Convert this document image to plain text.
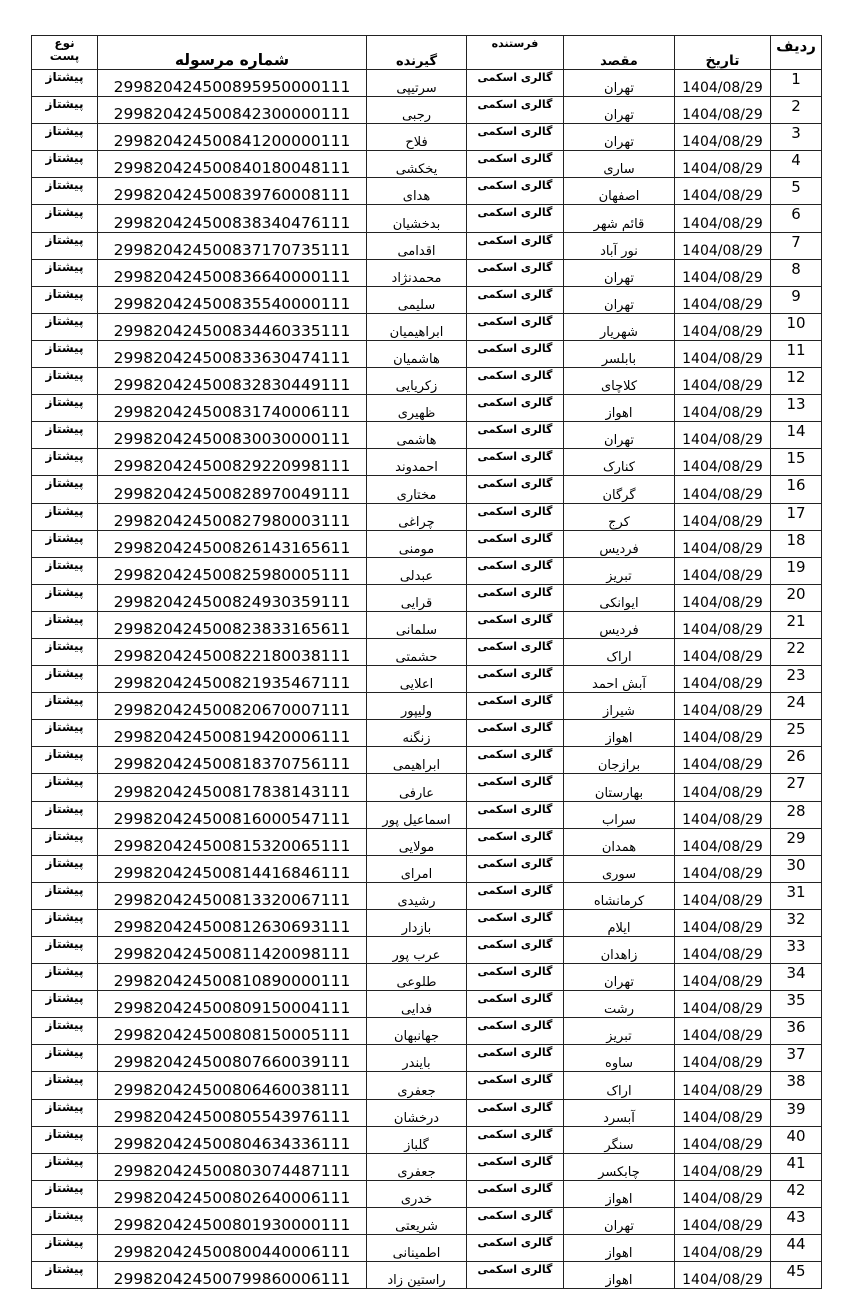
ردیف	تاریخ	مقصد	فرستنده	گیرنده	شماره مرسوله	نوع
پست

1	1404/08/29	تهران	گالری اسکمی	سرتیپی	299820424500895950000111	پیشتاز
2	1404/08/29	تهران	گالری اسکمی	رجبی	299820424500842300000111	پیشتاز
3	1404/08/29	تهران	گالری اسکمی	فلاح	299820424500841200000111	پیشتاز
4	1404/08/29	ساری	گالری اسکمی	یخکشی	299820424500840180048111	پیشتاز
5	1404/08/29	اصفهان	گالری اسکمی	هدای	299820424500839760008111	پیشتاز
6	1404/08/29	قائم شهر	گالری اسکمی	بدخشیان	299820424500838340476111	پیشتاز
7	1404/08/29	نور آباد	گالری اسکمی	اقدامی	299820424500837170735111	پیشتاز
8	1404/08/29	تهران	گالری اسکمی	محمدنژاد	299820424500836640000111	پیشتاز
9	1404/08/29	تهران	گالری اسکمی	سلیمی	299820424500835540000111	پیشتاز
10	1404/08/29	شهریار	گالری اسکمی	ابراهیمیان	299820424500834460335111	پیشتاز
11	1404/08/29	بابلسر	گالری اسکمی	هاشمیان	299820424500833630474111	پیشتاز
12	1404/08/29	کلاچای	گالری اسکمی	زکریایی	299820424500832830449111	پیشتاز
13	1404/08/29	اهواز	گالری اسکمی	ظهیری	299820424500831740006111	پیشتاز
14	1404/08/29	تهران	گالری اسکمی	هاشمی	299820424500830030000111	پیشتاز
15	1404/08/29	کنارک	گالری اسکمی	احمدوند	299820424500829220998111	پیشتاز
16	1404/08/29	گرگان	گالری اسکمی	مختاری	299820424500828970049111	پیشتاز
17	1404/08/29	کرج	گالری اسکمی	چراغی	299820424500827980003111	پیشتاز
18	1404/08/29	فردیس	گالری اسکمی	مومنی	299820424500826143165611	پیشتاز
19	1404/08/29	تبریز	گالری اسکمی	عبدلی	299820424500825980005111	پیشتاز
20	1404/08/29	ایوانکی	گالری اسکمی	قرایی	299820424500824930359111	پیشتاز
21	1404/08/29	فردیس	گالری اسکمی	سلمانی	299820424500823833165611	پیشتاز
22	1404/08/29	اراک	گالری اسکمی	حشمتی	299820424500822180038111	پیشتاز
23	1404/08/29	آبش احمد	گالری اسکمی	اعلایی	299820424500821935467111	پیشتاز
24	1404/08/29	شیراز	گالری اسکمی	ولیپور	299820424500820670007111	پیشتاز
25	1404/08/29	اهواز	گالری اسکمی	زنگنه	299820424500819420006111	پیشتاز
26	1404/08/29	برازجان	گالری اسکمی	ابراهیمی	299820424500818370756111	پیشتاز
27	1404/08/29	بهارستان	گالری اسکمی	عارفی	299820424500817838143111	پیشتاز
28	1404/08/29	سراب	گالری اسکمی	اسماعیل پور	299820424500816000547111	پیشتاز
29	1404/08/29	همدان	گالری اسکمی	مولایی	299820424500815320065111	پیشتاز
30	1404/08/29	سوری	گالری اسکمی	امرای	299820424500814416846111	پیشتاز
31	1404/08/29	کرمانشاه	گالری اسکمی	رشیدی	299820424500813320067111	پیشتاز
32	1404/08/29	ایلام	گالری اسکمی	بازدار	299820424500812630693111	پیشتاز
33	1404/08/29	زاهدان	گالری اسکمی	عرب پور	299820424500811420098111	پیشتاز
34	1404/08/29	تهران	گالری اسکمی	طلوعی	299820424500810890000111	پیشتاز
35	1404/08/29	رشت	گالری اسکمی	فدایی	299820424500809150004111	پیشتاز
36	1404/08/29	تبریز	گالری اسکمی	جهانبهان	299820424500808150005111	پیشتاز
37	1404/08/29	ساوه	گالری اسکمی	بایندر	299820424500807660039111	پیشتاز
38	1404/08/29	اراک	گالری اسکمی	جعفری	299820424500806460038111	پیشتاز
39	1404/08/29	آبسرد	گالری اسکمی	درخشان	299820424500805543976111	پیشتاز
40	1404/08/29	سنگر	گالری اسکمی	گلباز	299820424500804634336111	پیشتاز
41	1404/08/29	چابکسر	گالری اسکمی	جعفری	299820424500803074487111	پیشتاز
42	1404/08/29	اهواز	گالری اسکمی	خدری	299820424500802640006111	پیشتاز
43	1404/08/29	تهران	گالری اسکمی	شریعتی	299820424500801930000111	پیشتاز
44	1404/08/29	اهواز	گالری اسکمی	اطمینانی	299820424500800440006111	پیشتاز
45	1404/08/29	اهواز	گالری اسکمی	راستین زاد	299820424500799860006111	پیشتاز
